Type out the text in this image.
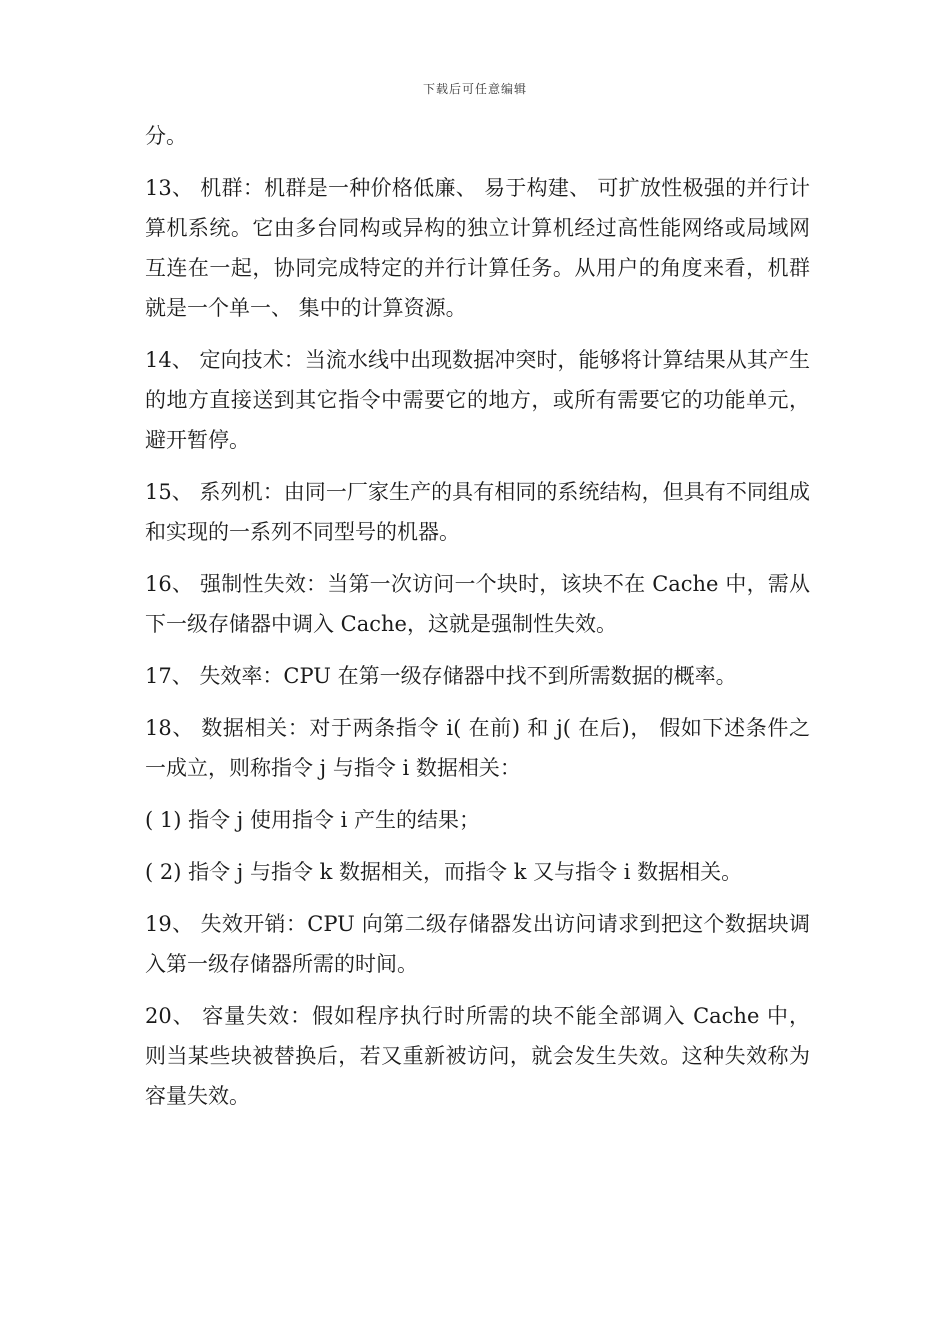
下载后可任意编辑

分。

13、 机群：机群是一种价格低廉、 易于构建、 可扩放性极强的并行计算机系统。它由多台同构或异构的独立计算机经过高性能网络或局域网互连在一起，协同完成特定的并行计算任务。从用户的角度来看，机群就是一个单一、 集中的计算资源。

14、 定向技术：当流水线中出现数据冲突时，能够将计算结果从其产生的地方直接送到其它指令中需要它的地方，或所有需要它的功能单元，避开暂停。

15、 系列机：由同一厂家生产的具有相同的系统结构，但具有不同组成和实现的一系列不同型号的机器。

16、 强制性失效：当第一次访问一个块时，该块不在 Cache 中，需从下一级存储器中调入 Cache，这就是强制性失效。

17、 失效率：CPU 在第一级存储器中找不到所需数据的概率。

18、 数据相关：对于两条指令 i( 在前) 和 j( 在后)， 假如下述条件之一成立，则称指令 j 与指令 i 数据相关：

( 1) 指令 j 使用指令 i 产生的结果；

( 2) 指令 j 与指令 k 数据相关，而指令 k 又与指令 i 数据相关。

19、 失效开销：CPU 向第二级存储器发出访问请求到把这个数据块调入第一级存储器所需的时间。

20、 容量失效：假如程序执行时所需的块不能全部调入 Cache 中， 则当某些块被替换后，若又重新被访问，就会发生失效。这种失效称为容量失效。
